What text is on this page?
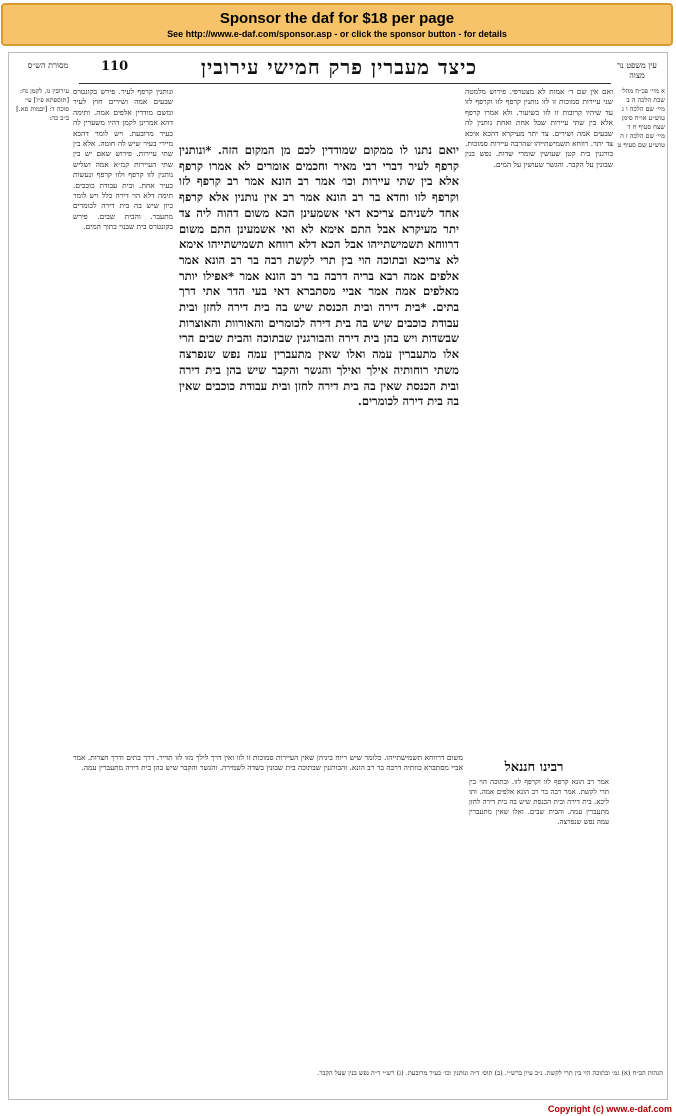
Sponsor the daf for $18 per page
See http://www.e-daf.com/sponsor.asp - or click the sponsor button - for details
מסורת הש״ס	110	כיצד מעברין פרק חמישי עירובין	עין משפט נר מצוה
א מיי׳ פכ״ח מהל׳ שבת הלכה ה ב מיי׳ שם הלכה ו ג טוש״ע או״ח סימן שצח סעיף ח ד מיי׳ שם הלכה ז ה טוש״ע שם סעיף ט
ואם אין שם ד׳ אמות לא מצטרפי. פירוש מלמטה שני עיירות סמוכות זו לזו נותנין קרפף לזו וקרפף לזו עד שיהיו קרובות זו לזו כשיעור. ולא אמרו קרפף אלא בין שתי עיירות שכל אחת ואחת נותנין לה שבעים אמה ושירים. צד יתר מעיקרא דהכא איכא צד יתר. רווחא תשמישתייהו שהרבה עיירות סמוכות. בורגנין בית קטן שעושין שומרי שדות. נפש בנין שבונין על הקבר. והגשר שעושין על המים.
יואם נתנו לו ממקום שמודדין לכם מן המקום הזה. *ונותנין קרפף לעיר דברי רבי מאיר וחכמים אומרים לא אמרו קרפף אלא בין שתי עיירות וכו׳ אמר רב הונא אמר רב קרפף לזו וקרפף לזו וחדא בר רב הונא אמר רב אין נותנין אלא קרפף אחד לשניהם צריכא דאי אשמעינן הכא משום דהוה ליה צד יתר מעיקרא אבל התם אימא לא ואי אשמעינן התם משום דרווחא תשמישתייהו אבל הכא דלא רווחא תשמישתייהו אימא לא צריכא ובתוכה הוי בין תרי לקשת רבה בר רב הונא אמר אלפים אמה רבא בריה דרבה בר רב הונא אמר *אפילו יותר מאלפים אמה אמר אביי מסתברא דאי בעי הדר אתי דרך בתים. *בית דירה ובית הכנסת שיש בה בית דירה לחזן ובית עבודת כוכבים שיש בה בית דירה לכומרים והאורוות והאוצרות שבשדות ויש בהן בית דירה והבורגנין שבתוכה והבית שבים הרי אלו מתעברין עמה ואלו שאין מתעברין עמה נפש שנפרצה משתי רוחותיה אילך ואילך והגשר והקבר שיש בהן בית דירה ובית הכנסת שאין בה בית דירה לחזן ובית עבודת כוכבים שאין בה בית דירה לכומרים.
ונותנין קרפף לעיר. פירש בקונטרס שבעים אמה ושירים חוץ לעיר ומשם מודדין אלפים אמה. ותימה דהא אמרינן לקמן דהיו משערין לה כעיר מרובעת. ויש לומר דהכא מיירי בעיר שיש לה חומה. אלא בין שתי עיירות. פירוש שאם יש בין שתי העיירות קמ״א אמה ושליש נותנין לזו קרפף ולזו קרפף ונעשות כעיר אחת. ובית עבודת כוכבים. תימה דלא הוי דירה כלל ויש לומר כיון שיש בה בית דירה לכומרים מתעבר. והבית שבים. פירש בקונטרס בית שבנוי בתוך המים.
עירובין נז. לקמן נח: [תוספתא פ״ו] עי׳ סוכה ד: [יבמות סא.] ב״ב כה:
משום דרווחא תשמישתייהו. כלומר שיש ריוח ביניהן שאין העיירות סמוכות זו לזו ואין דרך לילך מזו לזו תדיר. דרך בתים ודרך חצרות. אמר אביי מסתברא כוותיה דרבה בר רב הונא. והבורגנין שבתוכה בית שבונין בשדה לשמירה. והגשר והקבר שיש בהן בית דירה מתעברין עמה.	רבינו חננאל
אמר רב הונא קרפף לזו וקרפף לזו. ובתוכה הוי בין תרי לקשת. אמר רבה בר רב הונא אלפים אמה. ותו ליכא. בית דירה ובית הכנסת שיש בה בית דירה לחזן מתעברין עמה. והבית שבים. ואלו שאין מתעברין עמה נפש שנפרצה.
הגהות הב״ח (א) גמ׳ ובתוכה הוי בין תרי לקשת. נ״ב עיין ברש״י. (ב) תוס׳ ד״ה ונותנין וכו׳ כעיר מרובעת. (ג) רש״י ד״ה נפש בנין שעל הקבר.
Copyright (c) www.e-daf.com
